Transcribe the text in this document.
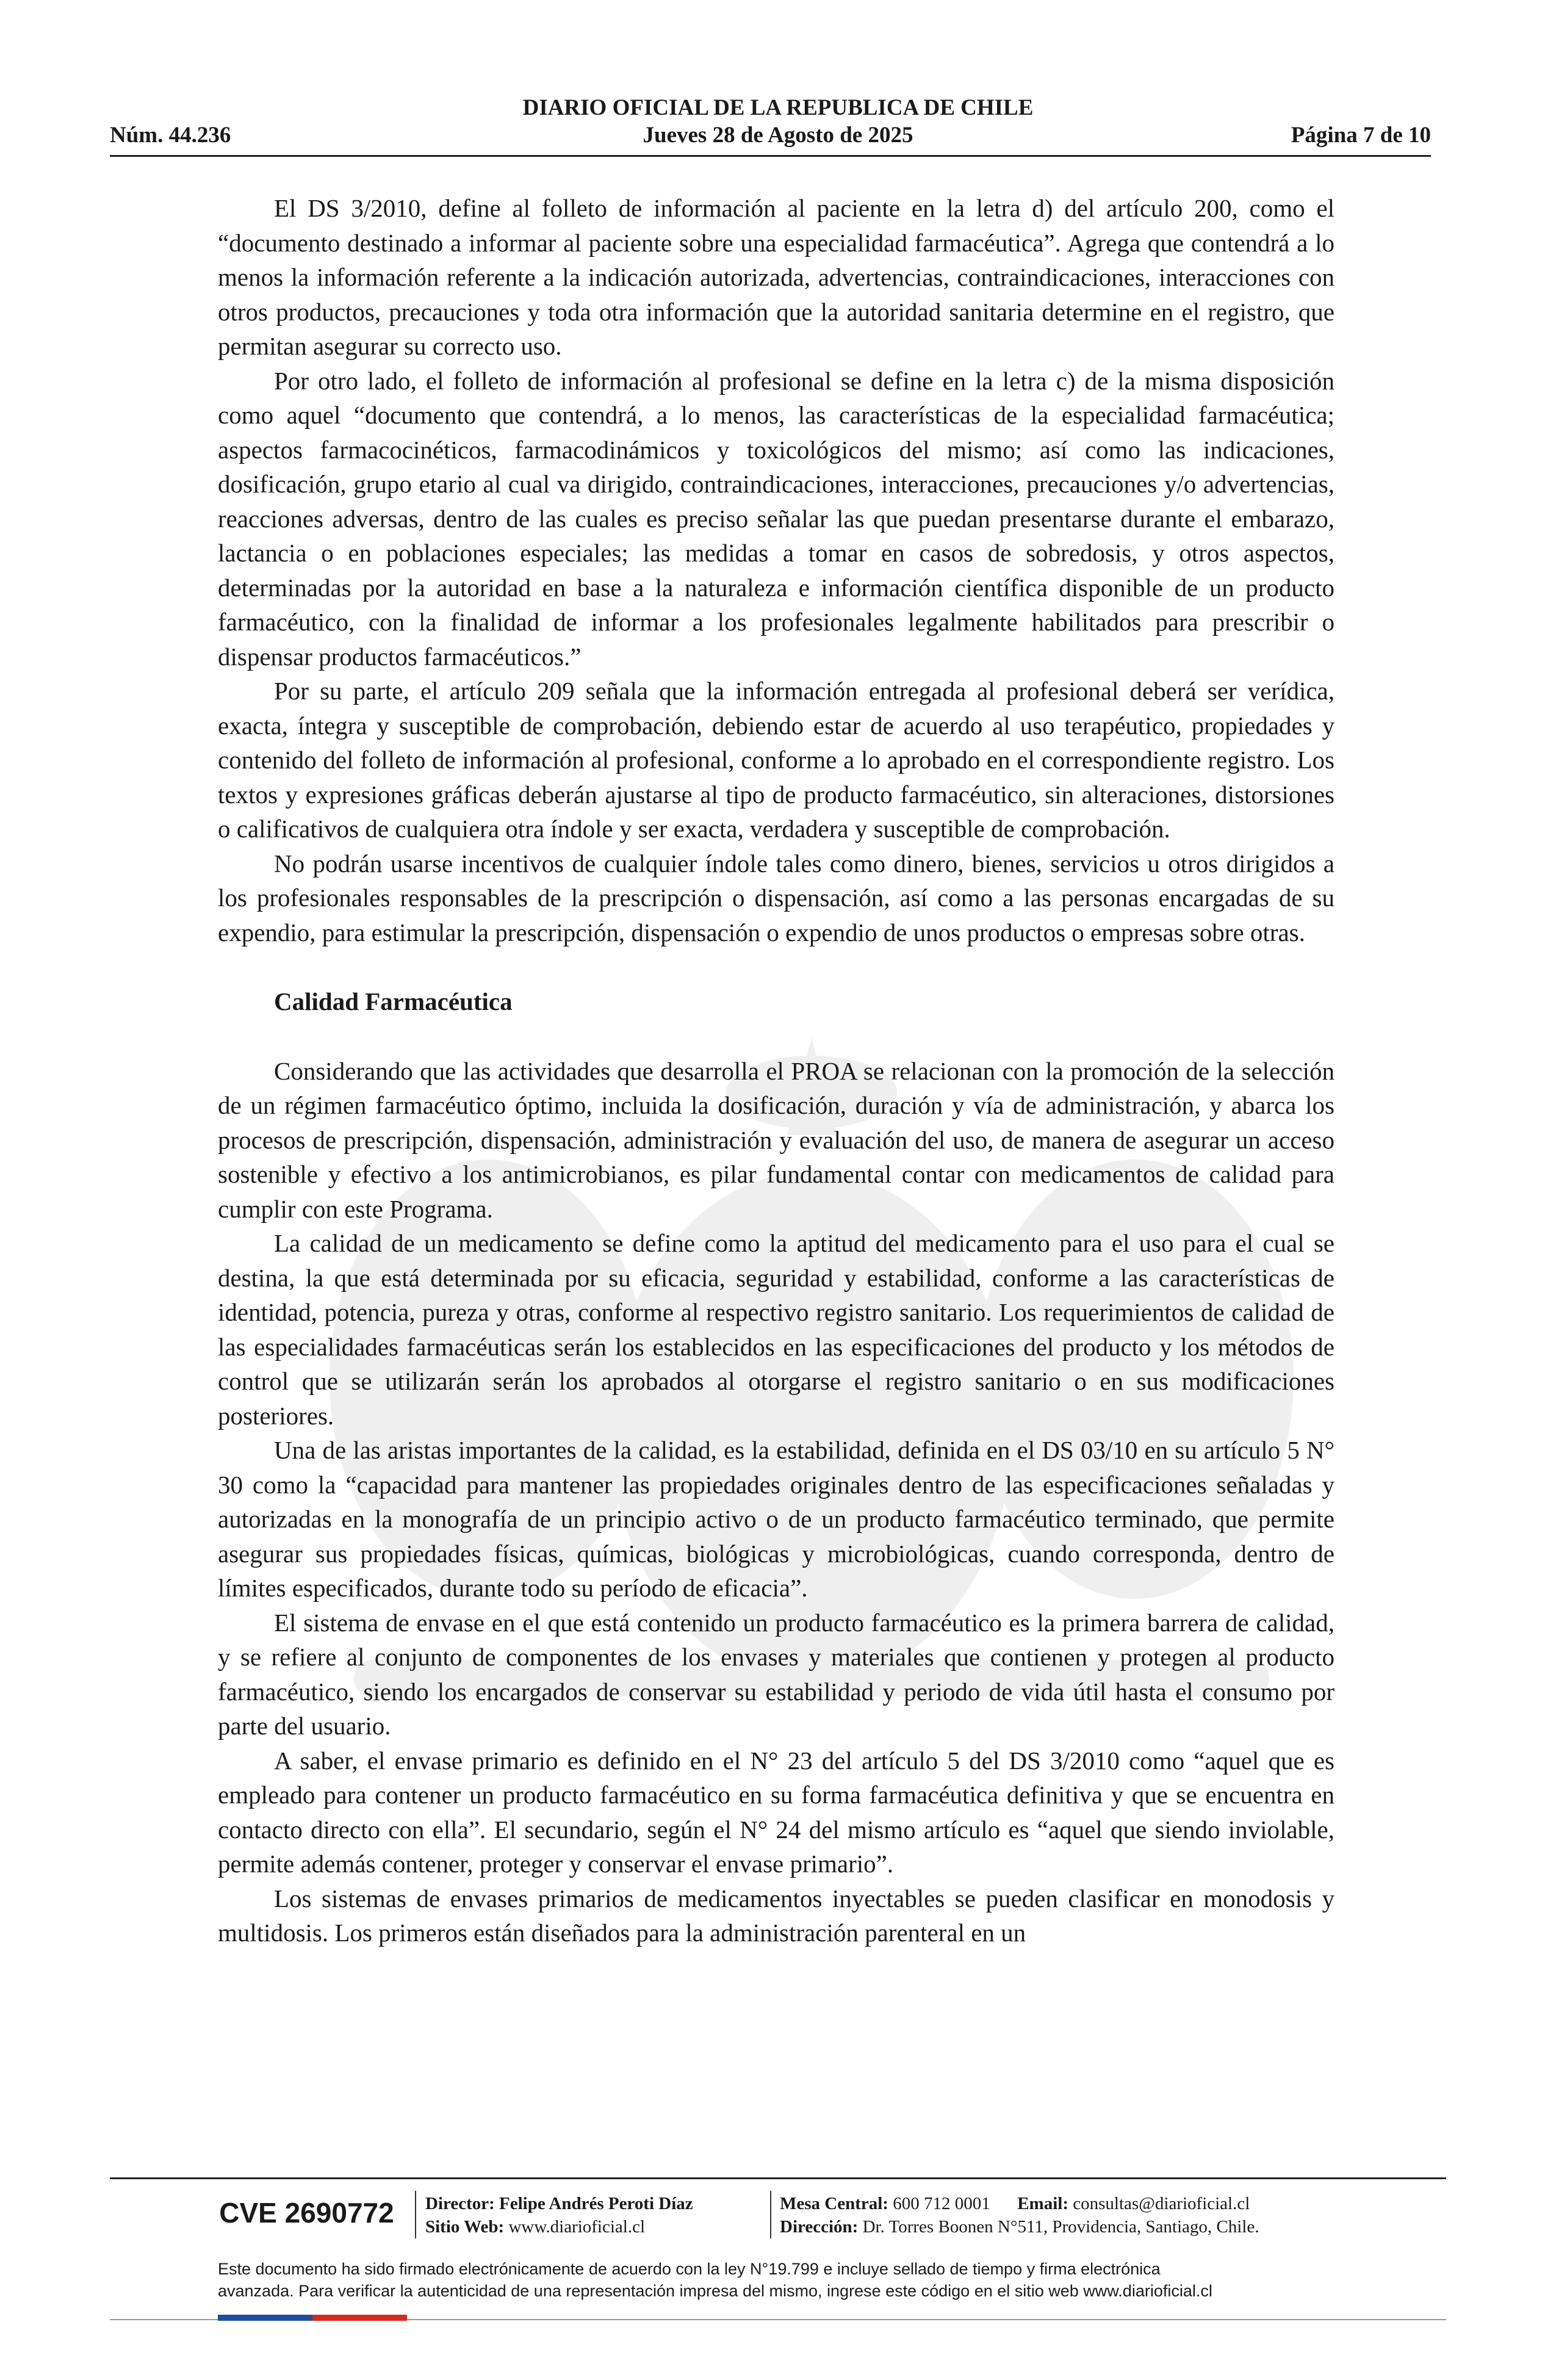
DIARIO OFICIAL DE LA REPUBLICA DE CHILE
Núm. 44.236	Jueves 28 de Agosto de 2025	Página 7 de 10

El DS 3/2010, define al folleto de información al paciente en la letra d) del artículo 200, como el “documento destinado a informar al paciente sobre una especialidad farmacéutica”. Agrega que contendrá a lo menos la información referente a la indicación autorizada, advertencias, contraindicaciones, interacciones con otros productos, precauciones y toda otra información que la autoridad sanitaria determine en el registro, que permitan asegurar su correcto uso.

Por otro lado, el folleto de información al profesional se define en la letra c) de la misma disposición como aquel “documento que contendrá, a lo menos, las características de la especialidad farmacéutica; aspectos farmacocinéticos, farmacodinámicos y toxicológicos del mismo; así como las indicaciones, dosificación, grupo etario al cual va dirigido, contraindicaciones, interacciones, precauciones y/o advertencias, reacciones adversas, dentro de las cuales es preciso señalar las que puedan presentarse durante el embarazo, lactancia o en poblaciones especiales; las medidas a tomar en casos de sobredosis, y otros aspectos, determinadas por la autoridad en base a la naturaleza e información científica disponible de un producto farmacéutico, con la finalidad de informar a los profesionales legalmente habilitados para prescribir o dispensar productos farmacéuticos.”

Por su parte, el artículo 209 señala que la información entregada al profesional deberá ser verídica, exacta, íntegra y susceptible de comprobación, debiendo estar de acuerdo al uso terapéutico, propiedades y contenido del folleto de información al profesional, conforme a lo aprobado en el correspondiente registro. Los textos y expresiones gráficas deberán ajustarse al tipo de producto farmacéutico, sin alteraciones, distorsiones o calificativos de cualquiera otra índole y ser exacta, verdadera y susceptible de comprobación.

No podrán usarse incentivos de cualquier índole tales como dinero, bienes, servicios u otros dirigidos a los profesionales responsables de la prescripción o dispensación, así como a las personas encargadas de su expendio, para estimular la prescripción, dispensación o expendio de unos productos o empresas sobre otras.

Calidad Farmacéutica

Considerando que las actividades que desarrolla el PROA se relacionan con la promoción de la selección de un régimen farmacéutico óptimo, incluida la dosificación, duración y vía de administración, y abarca los procesos de prescripción, dispensación, administración y evaluación del uso, de manera de asegurar un acceso sostenible y efectivo a los antimicrobianos, es pilar fundamental contar con medicamentos de calidad para cumplir con este Programa.

La calidad de un medicamento se define como la aptitud del medicamento para el uso para el cual se destina, la que está determinada por su eficacia, seguridad y estabilidad, conforme a las características de identidad, potencia, pureza y otras, conforme al respectivo registro sanitario. Los requerimientos de calidad de las especialidades farmacéuticas serán los establecidos en las especificaciones del producto y los métodos de control que se utilizarán serán los aprobados al otorgarse el registro sanitario o en sus modificaciones posteriores.

Una de las aristas importantes de la calidad, es la estabilidad, definida en el DS 03/10 en su artículo 5 N° 30 como la “capacidad para mantener las propiedades originales dentro de las especificaciones señaladas y autorizadas en la monografía de un principio activo o de un producto farmacéutico terminado, que permite asegurar sus propiedades físicas, químicas, biológicas y microbiológicas, cuando corresponda, dentro de límites especificados, durante todo su período de eficacia”.

El sistema de envase en el que está contenido un producto farmacéutico es la primera barrera de calidad, y se refiere al conjunto de componentes de los envases y materiales que contienen y protegen al producto farmacéutico, siendo los encargados de conservar su estabilidad y periodo de vida útil hasta el consumo por parte del usuario.

A saber, el envase primario es definido en el N° 23 del artículo 5 del DS 3/2010 como “aquel que es empleado para contener un producto farmacéutico en su forma farmacéutica definitiva y que se encuentra en contacto directo con ella”. El secundario, según el N° 24 del mismo artículo es “aquel que siendo inviolable, permite además contener, proteger y conservar el envase primario”.

Los sistemas de envases primarios de medicamentos inyectables se pueden clasificar en monodosis y multidosis. Los primeros están diseñados para la administración parenteral en un

CVE 2690772	Director: Felipe Andrés Peroti Díaz
Sitio Web: www.diarioficial.cl
Mesa Central: 600 712 0001 Email: consultas@diarioficial.cl
Dirección: Dr. Torres Boonen N°511, Providencia, Santiago, Chile.
Este documento ha sido firmado electrónicamente de acuerdo con la ley N°19.799 e incluye sellado de tiempo y firma electrónica
avanzada. Para verificar la autenticidad de una representación impresa del mismo, ingrese este código en el sitio web www.diarioficial.cl
